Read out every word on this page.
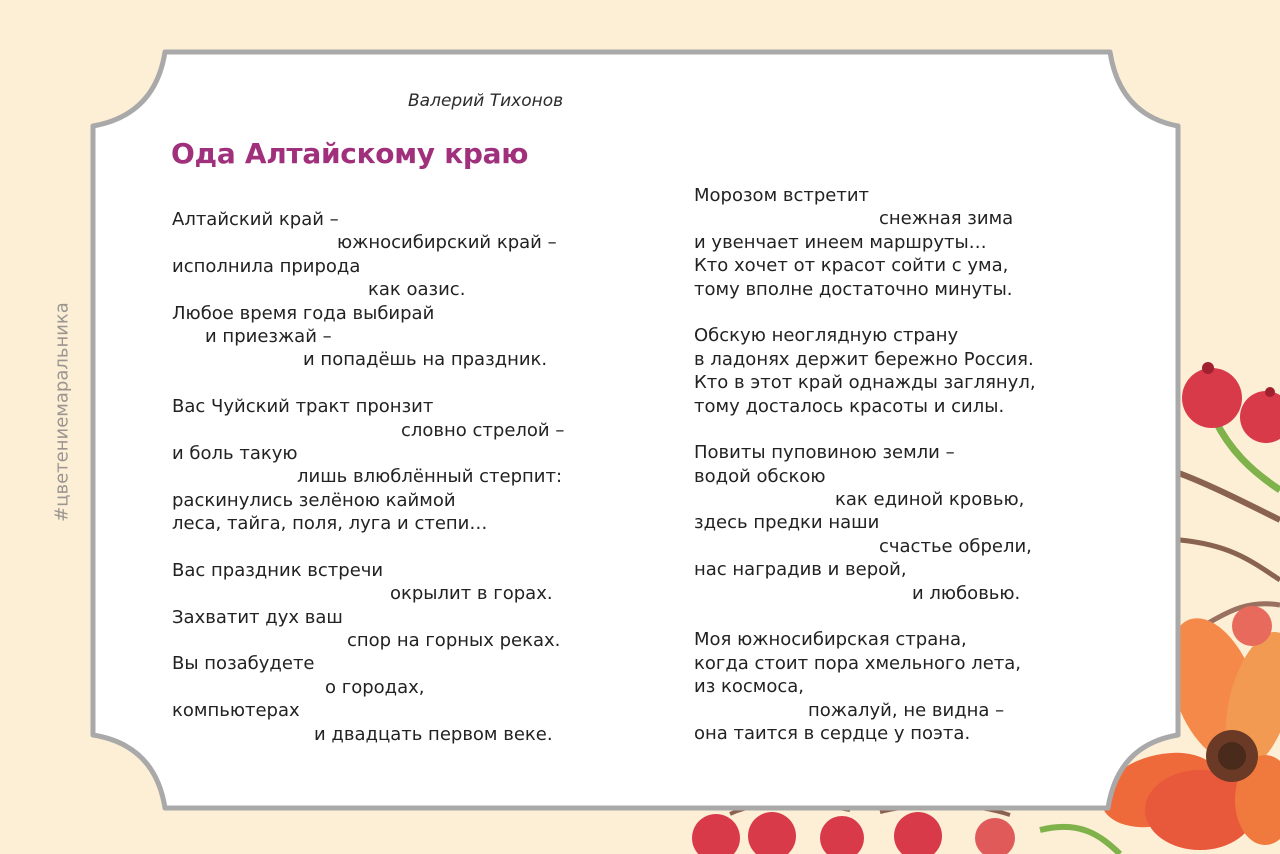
#цветениемаральника
Валерий Тихонов
Ода Алтайскому краю
Алтайский край –
южносибирский край –
исполнила природа
как оазис.
Любое время года выбирай
и приезжай –
и попадёшь на праздник.
Вас Чуйский тракт пронзит
словно стрелой –
и боль такую
лишь влюблённый стерпит:
раскинулись зелёною каймой
леса, тайга, поля, луга и степи…
Вас праздник встречи
окрылит в горах.
Захватит дух ваш
спор на горных реках.
Вы позабудете
о городах,
компьютерах
и двадцать первом веке.
Морозом встретит
снежная зима
и увенчает инеем маршруты…
Кто хочет от красот сойти с ума,
тому вполне достаточно минуты.
Обскую неоглядную страну
в ладонях держит бережно Россия.
Кто в этот край однажды заглянул,
тому досталось красоты и силы.
Повиты пуповиною земли –
водой обскою
как единой кровью,
здесь предки наши
счастье обрели,
нас наградив и верой,
и любовью.
Моя южносибирская страна,
когда стоит пора хмельного лета,
из космоса,
пожалуй, не видна –
она таится в сердце у поэта.
